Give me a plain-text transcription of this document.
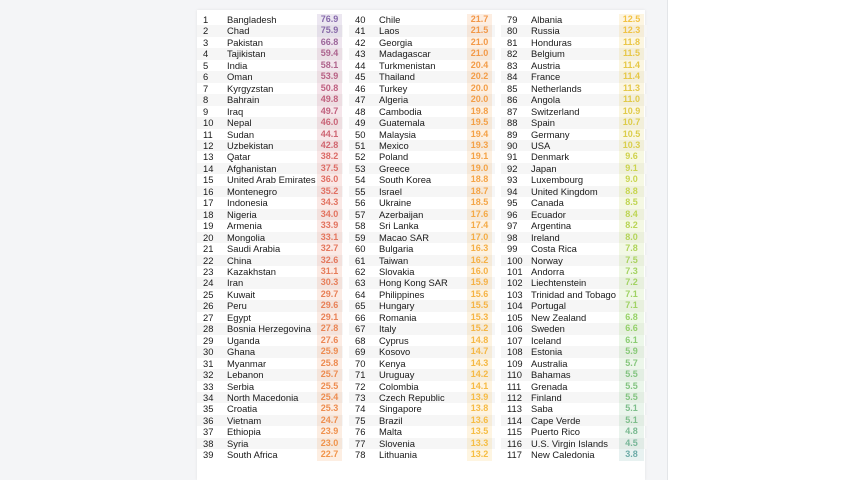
1	Bangladesh	76.9
2	Chad	75.9
3	Pakistan	66.8
4	Tajikistan	59.4
5	India	58.1
6	Oman	53.9
7	Kyrgyzstan	50.8
8	Bahrain	49.8
9	Iraq	49.7
10	Nepal	46.0
11	Sudan	44.1
12	Uzbekistan	42.8
13	Qatar	38.2
14	Afghanistan	37.5
15	United Arab Emirates 36.0
16	Montenegro	35.2
17	Indonesia	34.3
18	Nigeria	34.0
19	Armenia	33.9
20	Mongolia	33.1
21	Saudi Arabia	32.7
22	China	32.6
23	Kazakhstan	31.1
24	Iran	30.3
25	Kuwait	29.7
26	Peru	29.6
27	Egypt	29.1
28	Bosnia Herzegovina	27.8
29	Uganda	27.6
30	Ghana	25.9
31	Myanmar	25.8
32	Lebanon	25.7
33	Serbia	25.5
34	North Macedonia	25.4
35	Croatia	25.3
36	Vietnam	24.7
37	Ethiopia	23.9
38	Syria	23.0
39	South Africa	22.7
40	Chile	21.7
41	Laos	21.5
42	Georgia	21.0
43	Madagascar	21.0
44	Turkmenistan	20.4
45	Thailand	20.2
46	Turkey	20.0
47	Algeria	20.0
48	Cambodia	19.8
49	Guatemala	19.5
50	Malaysia	19.4
51	Mexico	19.3
52	Poland	19.1
53	Greece	19.0
54	South Korea	18.8
55	Israel	18.7
56	Ukraine	18.5
57	Azerbaijan	17.6
58	Sri Lanka	17.4
59	Macao SAR	17.0
60	Bulgaria	16.3
61	Taiwan	16.2
62	Slovakia	16.0
63	Hong Kong SAR	15.9
64	Philippines	15.6
65	Hungary	15.5
66	Romania	15.3
67	Italy	15.2
68	Cyprus	14.8
69	Kosovo	14.7
70	Kenya	14.3
71	Uruguay	14.2
72	Colombia	14.1
73	Czech Republic	13.9
74	Singapore	13.8
75	Brazil	13.6
76	Malta	13.5
77	Slovenia	13.3
78	Lithuania	13.2
79	Albania	12.5
80	Russia	12.3
81	Honduras	11.8
82	Belgium	11.5
83	Austria	11.4
84	France	11.4
85	Netherlands	11.3
86	Angola	11.0
87	Switzerland	10.9
88	Spain	10.7
89	Germany	10.5
90	USA	10.3
91	Denmark	9.6
92	Japan	9.1
93	Luxembourg	9.0
94	United Kingdom	8.8
95	Canada	8.5
96	Ecuador	8.4
97	Argentina	8.2
98	Ireland	8.0
99	Costa Rica	7.8
100 Norway	7.5
101 Andorra	7.3
102 Liechtenstein	7.2
103 Trinidad and Tobago	7.1
104 Portugal	7.1
105 New Zealand	6.8
106 Sweden	6.6
107 Iceland	6.1
108 Estonia	5.9
109 Australia	5.7
110 Bahamas	5.5
111	Grenada	5.5
112 Finland	5.5
113 Saba	5.1
114 Cape Verde	5.1
115 Puerto Rico	4.8
116 U.S. Virgin Islands	4.5
117 New Caledonia	3.8
